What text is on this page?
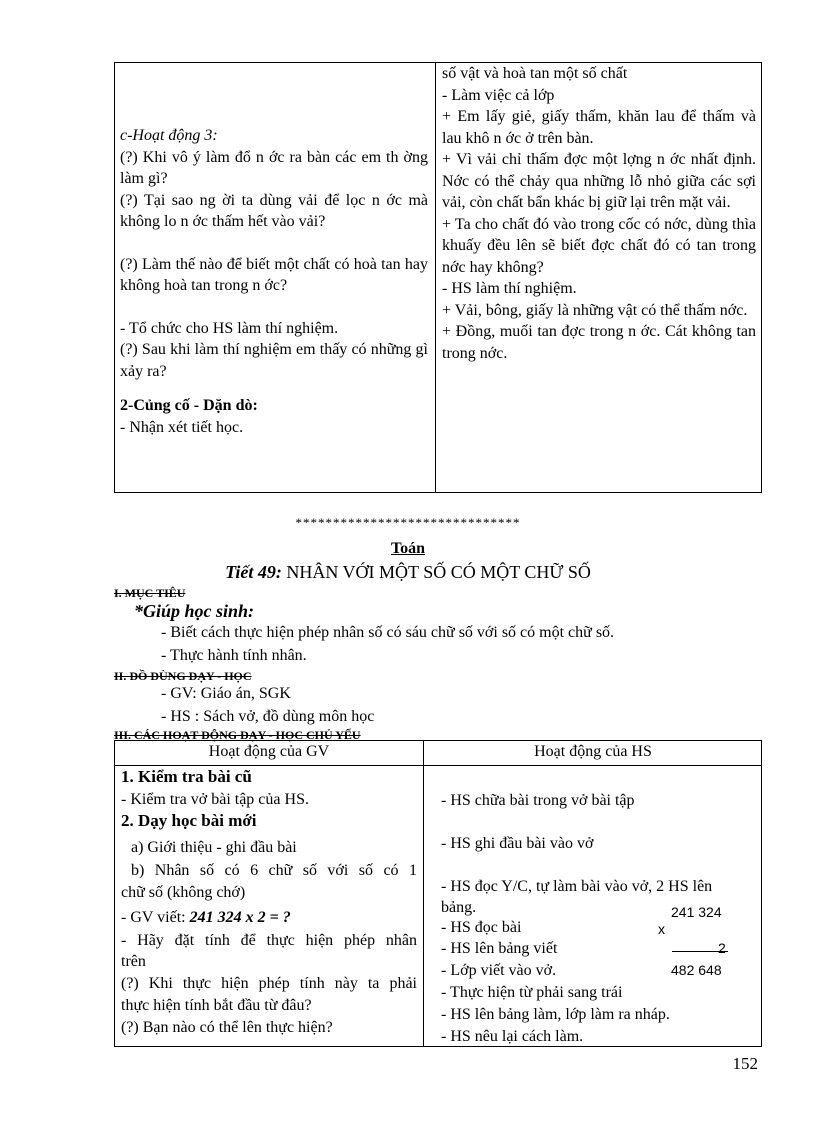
c-Hoạt động 3:

(?) Khi vô ý làm đổ n ớc ra bàn các em th ờng làm gì?

(?) Tại sao ng ời ta dùng vải để lọc n ớc mà không lo n ớc thấm hết vào vải?

(?) Làm thế nào để biết một chất có hoà tan hay không hoà tan trong n ớc?

- Tổ chức cho HS làm thí nghiệm.

(?) Sau khi làm thí nghiệm em thấy có những gì xảy ra?

2-Củng cố - Dặn dò:

- Nhận xét tiết học.

số vật và hoà tan một số chất

- Làm việc cả lớp

+ Em lấy giẻ, giấy thấm, khăn lau để thấm và lau khô n ớc ở trên bàn.

+ Vì vải chỉ thấm đợc một lợng n ớc nhất định. Nớc có thể chảy qua những lỗ nhỏ giữa các sợi vải, còn chất bẩn khác bị giữ lại trên mặt vải.

+ Ta cho chất đó vào trong cốc có nớc, dùng thìa khuấy đều lên sẽ biết đợc chất đó có tan trong nớc hay không?

- HS làm thí nghiệm.

+ Vải, bông, giấy là những vật có thể thấm nớc.

+ Đồng, muối tan đợc trong n ớc. Cát không tan trong nớc.

******************************
Toán
Tiết 49: NHÂN VỚI MỘT SỐ CÓ MỘT CHỮ SỐ
I. MỤC TIÊU
*Giúp học sinh:
- Biết cách thực hiện phép nhân số có sáu chữ số với số có một chữ số.
- Thực hành tính nhân.
II. ĐỒ DÙNG DẠY - HỌC
- GV: Giáo án, SGK
- HS : Sách vở, đồ dùng môn học
III. CÁC HOẠT ĐỘNG DẠY - HỌC CHỦ YẾU
Hoạt động của GV	Hoạt động của HS
1. Kiểm tra bài cũ
- Kiểm tra vở bài tập của HS.
2. Dạy học bài mới
a) Giới thiệu - ghi đầu bài
b) Nhân số có 6 chữ số với số có 1
chữ số (không chớ)
- GV viết: 241 324 x 2 = ?
- Hãy đặt tính để thực hiện phép nhân
trên
(?) Khi thực hiện phép tính này ta phải
thực hiện tính bắt đầu từ đâu?
(?) Bạn nào có thể lên thực hiện?
- HS chữa bài trong vở bài tập
- HS ghi đầu bài vào vở
- HS đọc Y/C, tự làm bài vào vở, 2 HS lên
bảng.
- HS đọc bài
- HS lên bảng viết
- Lớp viết vào vở.
- Thực hiện từ phải sang trái
- HS lên bảng làm, lớp làm ra nháp.
- HS nêu lại cách làm.
241 324
x
2
482 648
152
